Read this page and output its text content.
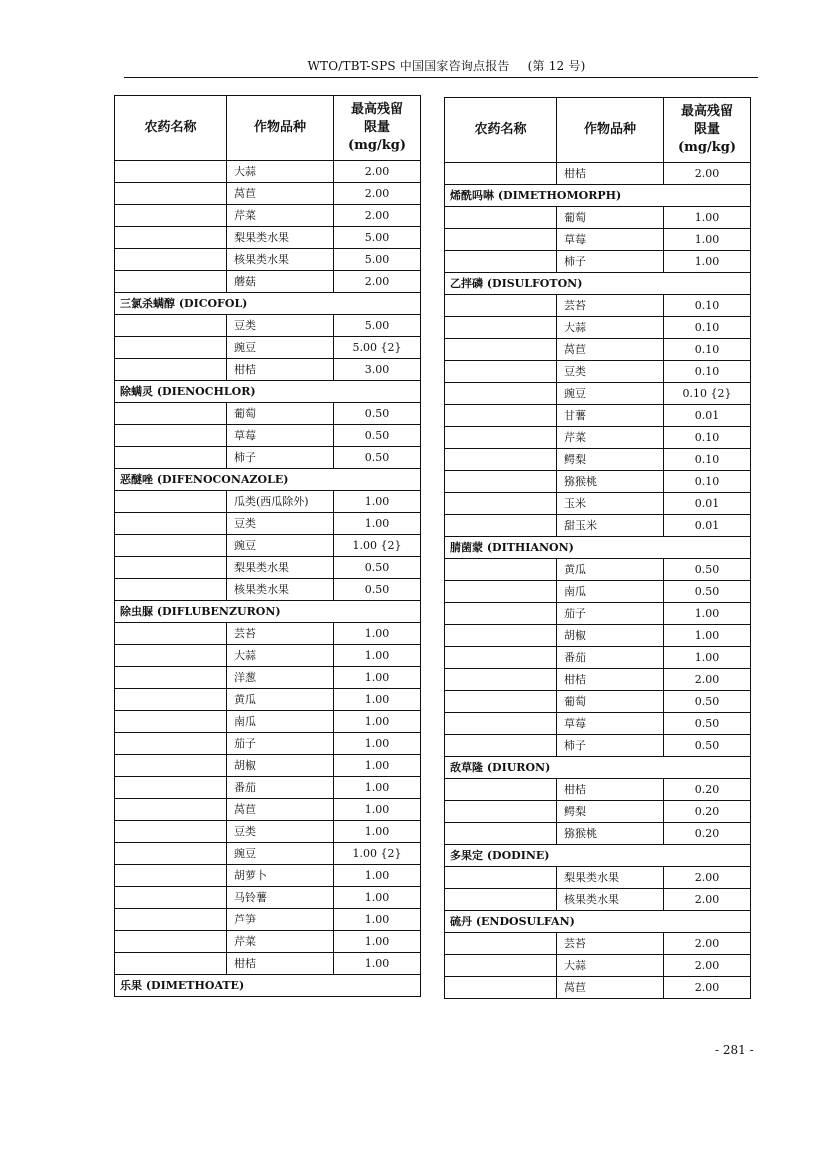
WTO/TBT-SPS 中国国家咨询点报告 (第 12 号)
农药名称	作物品种	最高残留
限量
(mg/kg)

	大蒜	2.00
	莴苣	2.00
	芹菜	2.00
	梨果类水果	5.00
	核果类水果	5.00
	蘑菇	2.00
三氯杀螨醇 (DICOFOL)		
	豆类	5.00
	豌豆	5.00 {2}
	柑桔	3.00
除螨灵 (DIENOCHLOR)		
	葡萄	0.50
	草莓	0.50
	柿子	0.50
恶醚唑 (DIFENOCONAZOLE)		
	瓜类(西瓜除外)	1.00
	豆类	1.00
	豌豆	1.00 {2}
	梨果类水果	0.50
	核果类水果	0.50
除虫脲 (DIFLUBENZURON)		
	芸苔	1.00
	大蒜	1.00
	洋葱	1.00
	黄瓜	1.00
	南瓜	1.00
	茄子	1.00
	胡椒	1.00
	番茄	1.00
	莴苣	1.00
	豆类	1.00
	豌豆	1.00 {2}
	胡萝卜	1.00
	马铃薯	1.00
	芦笋	1.00
	芹菜	1.00
	柑桔	1.00
乐果 (DIMETHOATE)		
农药名称	作物品种	最高残留
限量
(mg/kg)

	柑桔	2.00
烯酰吗啉 (DIMETHOMORPH)		
	葡萄	1.00
	草莓	1.00
	柿子	1.00
乙拌磷 (DISULFOTON)		
	芸苔	0.10
	大蒜	0.10
	莴苣	0.10
	豆类	0.10
	豌豆	0.10 {2}
	甘薯	0.01
	芹菜	0.10
	鳄梨	0.10
	猕猴桃	0.10
	玉米	0.01
	甜玉米	0.01
腈菌蒙 (DITHIANON)		
	黄瓜	0.50
	南瓜	0.50
	茄子	1.00
	胡椒	1.00
	番茄	1.00
	柑桔	2.00
	葡萄	0.50
	草莓	0.50
	柿子	0.50
敌草隆 (DIURON)		
	柑桔	0.20
	鳄梨	0.20
	猕猴桃	0.20
多果定 (DODINE)		
	梨果类水果	2.00
	核果类水果	2.00
硫丹 (ENDOSULFAN)		
	芸苔	2.00
	大蒜	2.00
	莴苣	2.00
- 281 -
